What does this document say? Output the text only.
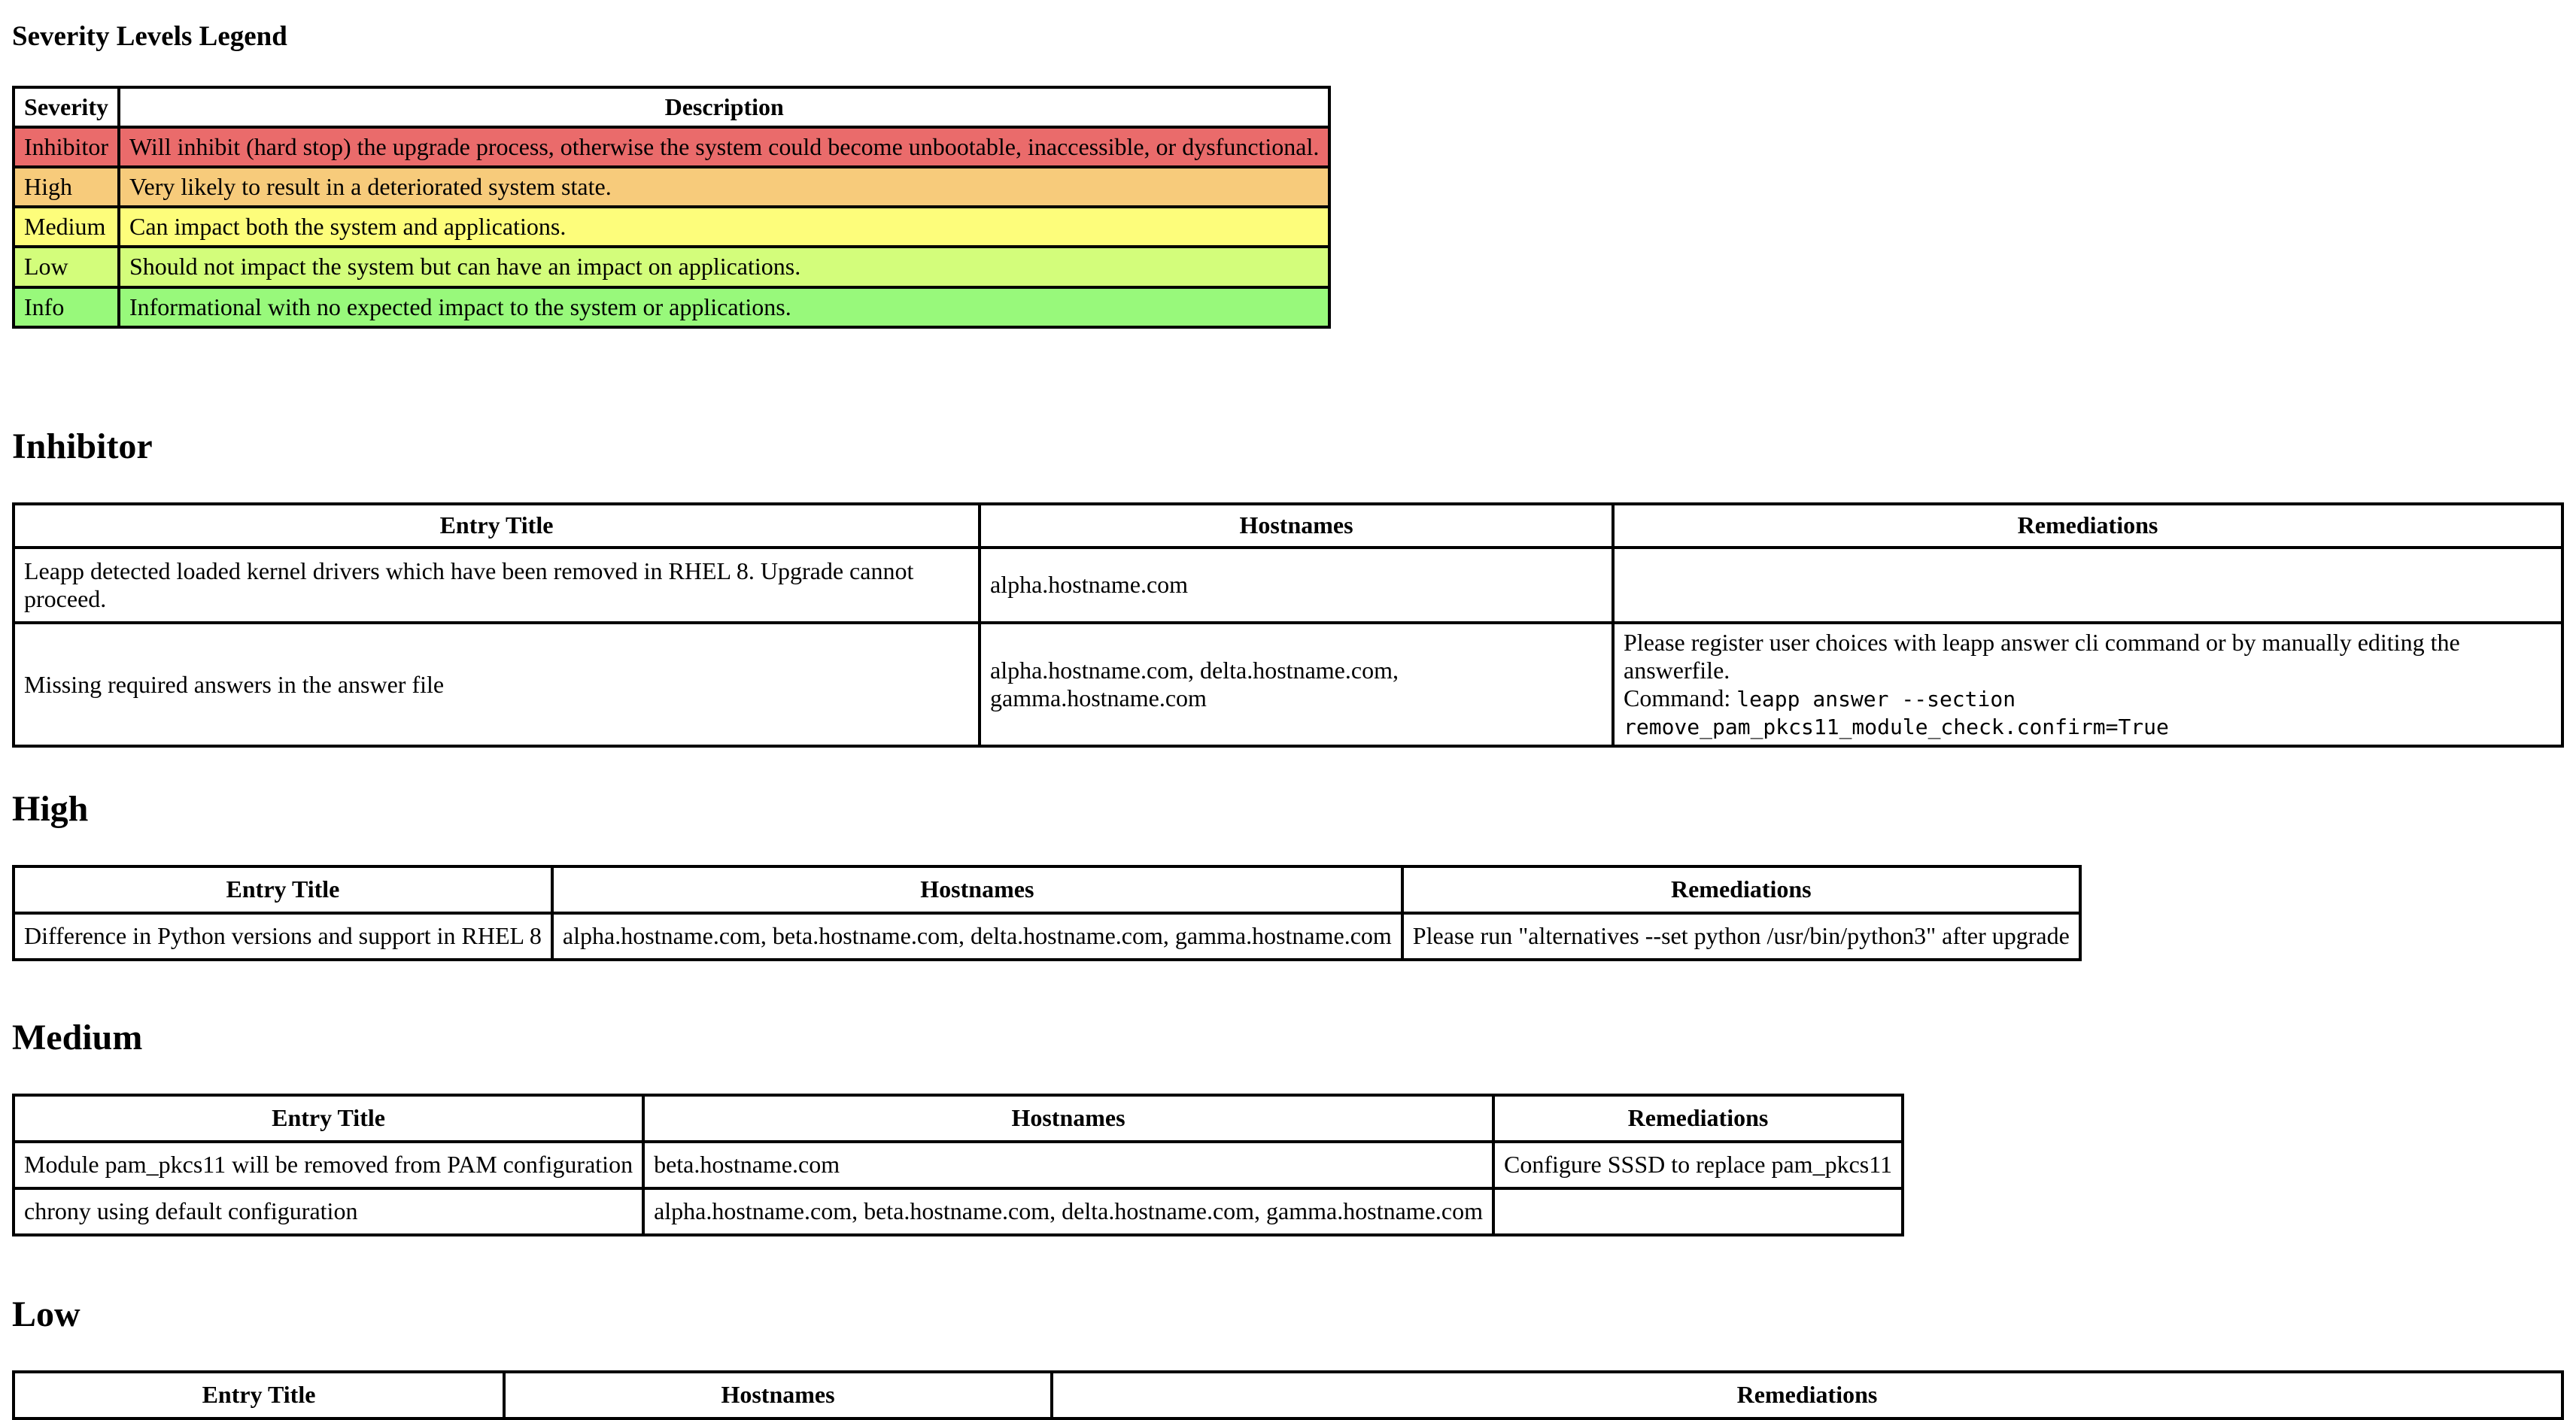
Severity Levels Legend
Severity	Description
Inhibitor	Will inhibit (hard stop) the upgrade process, otherwise the system could become unbootable, inaccessible, or dysfunctional.
High	Very likely to result in a deteriorated system state.
Medium	Can impact both the system and applications.
Low	Should not impact the system but can have an impact on applications.
Info	Informational with no expected impact to the system or applications.
Inhibitor
Entry Title	Hostnames	Remediations
Leapp detected loaded kernel drivers which have been removed in RHEL 8. Upgrade cannot proceed.	alpha.hostname.com	
Missing required answers in the answer file	alpha.hostname.com, delta.hostname.com, gamma.hostname.com	Please register user choices with leapp answer cli command or by manually editing the answerfile.
Command: leapp answer --section remove_pam_pkcs11_module_check.confirm=True
High
Entry Title	Hostnames	Remediations
Difference in Python versions and support in RHEL 8	alpha.hostname.com, beta.hostname.com, delta.hostname.com, gamma.hostname.com	Please run "alternatives --set python /usr/bin/python3" after upgrade
Medium
Entry Title	Hostnames	Remediations
Module pam_pkcs11 will be removed from PAM configuration	beta.hostname.com	Configure SSSD to replace pam_pkcs11
chrony using default configuration	alpha.hostname.com, beta.hostname.com, delta.hostname.com, gamma.hostname.com	
Low
Entry Title	Hostnames	Remediations
